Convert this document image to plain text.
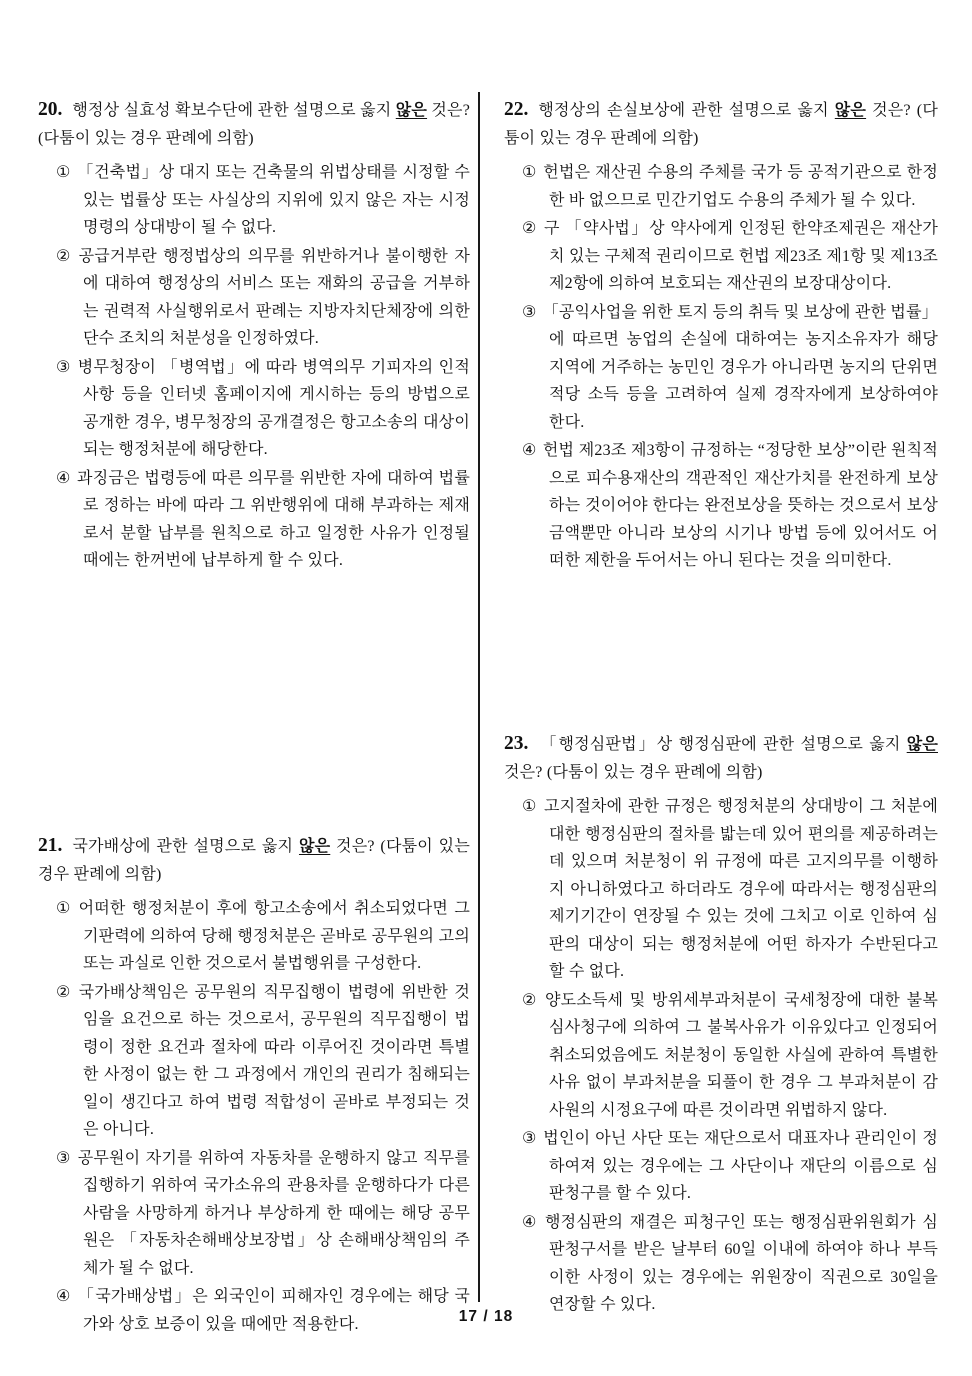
20. 행정상 실효성 확보수단에 관한 설명으로 옳지 않은 것은? (다툼이 있는 경우 판례에 의함)
① 「건축법」상 대지 또는 건축물의 위법상태를 시정할 수 있는 법률상 또는 사실상의 지위에 있지 않은 자는 시정 명령의 상대방이 될 수 없다.
② 공급거부란 행정법상의 의무를 위반하거나 불이행한 자에 대하여 행정상의 서비스 또는 재화의 공급을 거부하는 권력적 사실행위로서 판례는 지방자치단체장에 의한 단수 조치의 처분성을 인정하였다.
③ 병무청장이 「병역법」에 따라 병역의무 기피자의 인적사항 등을 인터넷 홈페이지에 게시하는 등의 방법으로 공개한 경우, 병무청장의 공개결정은 항고소송의 대상이 되는 행정처분에 해당한다.
④ 과징금은 법령등에 따른 의무를 위반한 자에 대하여 법률로 정하는 바에 따라 그 위반행위에 대해 부과하는 제재로서 분할 납부를 원칙으로 하고 일정한 사유가 인정될 때에는 한꺼번에 납부하게 할 수 있다.
21. 국가배상에 관한 설명으로 옳지 않은 것은? (다툼이 있는 경우 판례에 의함)
① 어떠한 행정처분이 후에 항고소송에서 취소되었다면 그 기판력에 의하여 당해 행정처분은 곧바로 공무원의 고의 또는 과실로 인한 것으로서 불법행위를 구성한다.
② 국가배상책임은 공무원의 직무집행이 법령에 위반한 것임을 요건으로 하는 것으로서, 공무원의 직무집행이 법령이 정한 요건과 절차에 따라 이루어진 것이라면 특별한 사정이 없는 한 그 과정에서 개인의 권리가 침해되는 일이 생긴다고 하여 법령 적합성이 곧바로 부정되는 것은 아니다.
③ 공무원이 자기를 위하여 자동차를 운행하지 않고 직무를 집행하기 위하여 국가소유의 관용차를 운행하다가 다른 사람을 사망하게 하거나 부상하게 한 때에는 해당 공무원은 「자동차손해배상보장법」상 손해배상책임의 주체가 될 수 없다.
④ 「국가배상법」은 외국인이 피해자인 경우에는 해당 국가와 상호 보증이 있을 때에만 적용한다.
22. 행정상의 손실보상에 관한 설명으로 옳지 않은 것은? (다툼이 있는 경우 판례에 의함)
① 헌법은 재산권 수용의 주체를 국가 등 공적기관으로 한정한 바 없으므로 민간기업도 수용의 주체가 될 수 있다.
② 구 「약사법」상 약사에게 인정된 한약조제권은 재산가치 있는 구체적 권리이므로 헌법 제23조 제1항 및 제13조 제2항에 의하여 보호되는 재산권의 보장대상이다.
③ 「공익사업을 위한 토지 등의 취득 및 보상에 관한 법률」에 따르면 농업의 손실에 대하여는 농지소유자가 해당 지역에 거주하는 농민인 경우가 아니라면 농지의 단위면적당 소득 등을 고려하여 실제 경작자에게 보상하여야 한다.
④ 헌법 제23조 제3항이 규정하는 “정당한 보상”이란 원칙적으로 피수용재산의 객관적인 재산가치를 완전하게 보상하는 것이어야 한다는 완전보상을 뜻하는 것으로서 보상금액뿐만 아니라 보상의 시기나 방법 등에 있어서도 어떠한 제한을 두어서는 아니 된다는 것을 의미한다.
23. 「행정심판법」상 행정심판에 관한 설명으로 옳지 않은 것은? (다툼이 있는 경우 판례에 의함)
① 고지절차에 관한 규정은 행정처분의 상대방이 그 처분에 대한 행정심판의 절차를 밟는데 있어 편의를 제공하려는 데 있으며 처분청이 위 규정에 따른 고지의무를 이행하지 아니하였다고 하더라도 경우에 따라서는 행정심판의 제기기간이 연장될 수 있는 것에 그치고 이로 인하여 심판의 대상이 되는 행정처분에 어떤 하자가 수반된다고 할 수 없다.
② 양도소득세 및 방위세부과처분이 국세청장에 대한 불복 심사청구에 의하여 그 불복사유가 이유있다고 인정되어 취소되었음에도 처분청이 동일한 사실에 관하여 특별한 사유 없이 부과처분을 되풀이 한 경우 그 부과처분이 감사원의 시정요구에 따른 것이라면 위법하지 않다.
③ 법인이 아닌 사단 또는 재단으로서 대표자나 관리인이 정하여져 있는 경우에는 그 사단이나 재단의 이름으로 심판청구를 할 수 있다.
④ 행정심판의 재결은 피청구인 또는 행정심판위원회가 심판청구서를 받은 날부터 60일 이내에 하여야 하나 부득이한 사정이 있는 경우에는 위원장이 직권으로 30일을 연장할 수 있다.
17 / 18
